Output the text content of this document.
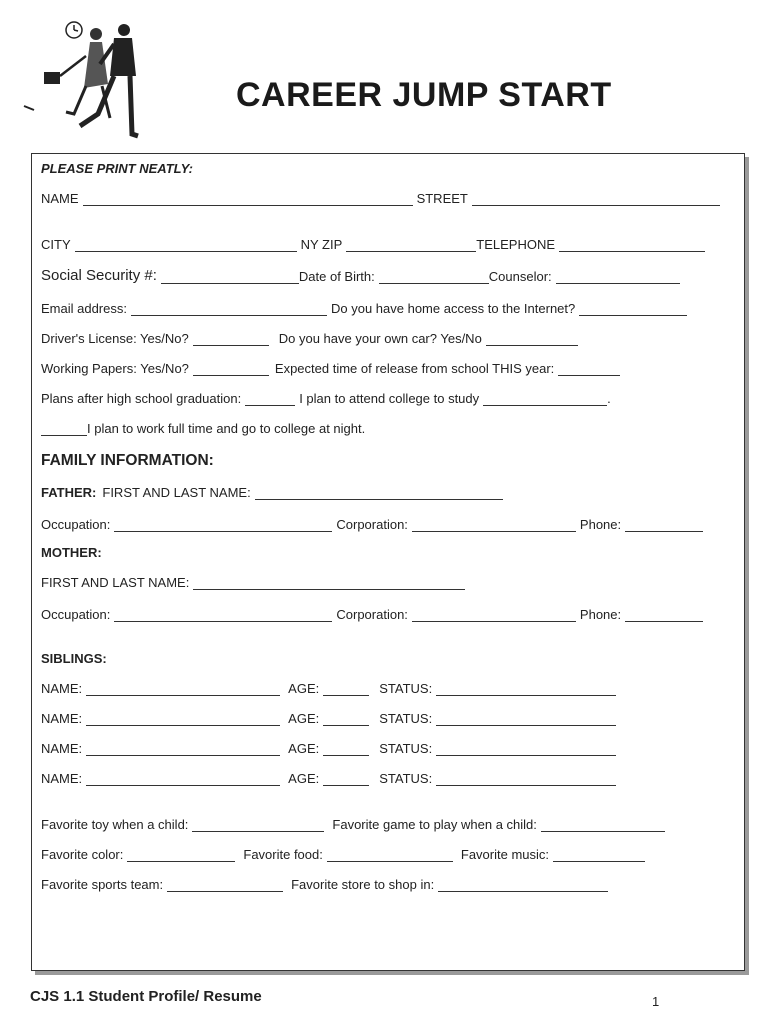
CAREER JUMP START
PLEASE PRINT NEATLY:
NAME	STREET
CITY	NY ZIP	TELEPHONE
Social Security #:	Date of Birth:	Counselor:
Email address:	Do you have home access to the Internet?
Driver's License: Yes/No?	Do you have your own car? Yes/No
Working Papers: Yes/No?	Expected time of release from school THIS year:
Plans after high school graduation:	I plan to attend college to study	.
I plan to work full time and go to college at night.
FAMILY INFORMATION:
FATHER: FIRST AND LAST NAME:
Occupation:	Corporation:	Phone:
MOTHER:
FIRST AND LAST NAME:
Occupation:	Corporation:	Phone:
SIBLINGS:
NAME:	AGE:	STATUS:
NAME:	AGE:	STATUS:
NAME:	AGE:	STATUS:
NAME:	AGE:	STATUS:
Favorite toy when a child:	Favorite game to play when a child:
Favorite color:	Favorite food:	Favorite music:
Favorite sports team:	Favorite store to shop in:
CJS 1.1 Student Profile/ Resume	1
